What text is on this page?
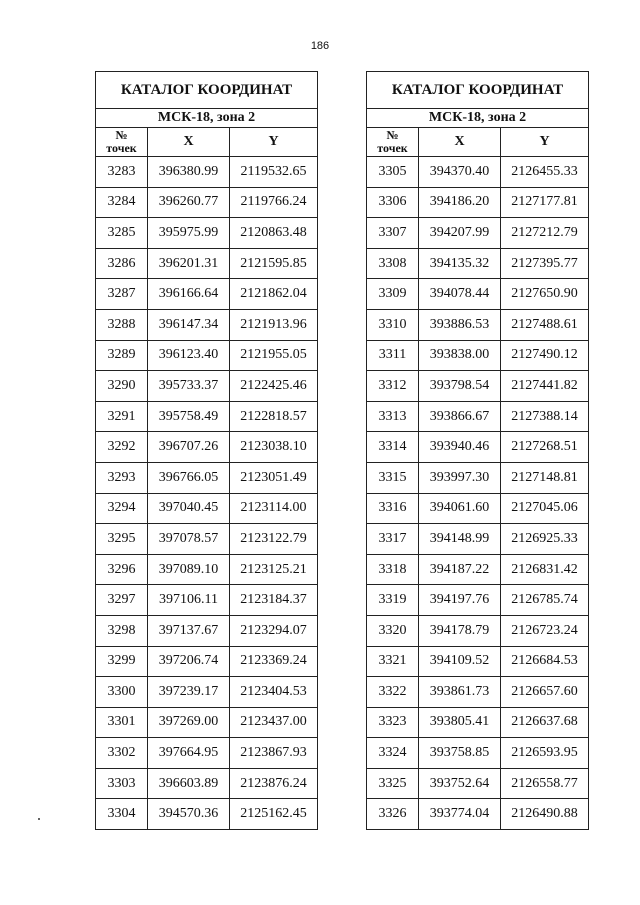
186
КАТАЛОГ КООРДИНАТ		
МСК-18, зона 2		
№
точек	X	Y
3283	396380.99	2119532.65
3284	396260.77	2119766.24
3285	395975.99	2120863.48
3286	396201.31	2121595.85
3287	396166.64	2121862.04
3288	396147.34	2121913.96
3289	396123.40	2121955.05
3290	395733.37	2122425.46
3291	395758.49	2122818.57
3292	396707.26	2123038.10
3293	396766.05	2123051.49
3294	397040.45	2123114.00
3295	397078.57	2123122.79
3296	397089.10	2123125.21
3297	397106.11	2123184.37
3298	397137.67	2123294.07
3299	397206.74	2123369.24
3300	397239.17	2123404.53
3301	397269.00	2123437.00
3302	397664.95	2123867.93
3303	396603.89	2123876.24
3304	394570.36	2125162.45
КАТАЛОГ КООРДИНАТ		
МСК-18, зона 2		
№
точек	X	Y
3305	394370.40	2126455.33
3306	394186.20	2127177.81
3307	394207.99	2127212.79
3308	394135.32	2127395.77
3309	394078.44	2127650.90
3310	393886.53	2127488.61
3311	393838.00	2127490.12
3312	393798.54	2127441.82
3313	393866.67	2127388.14
3314	393940.46	2127268.51
3315	393997.30	2127148.81
3316	394061.60	2127045.06
3317	394148.99	2126925.33
3318	394187.22	2126831.42
3319	394197.76	2126785.74
3320	394178.79	2126723.24
3321	394109.52	2126684.53
3322	393861.73	2126657.60
3323	393805.41	2126637.68
3324	393758.85	2126593.95
3325	393752.64	2126558.77
3326	393774.04	2126490.88
